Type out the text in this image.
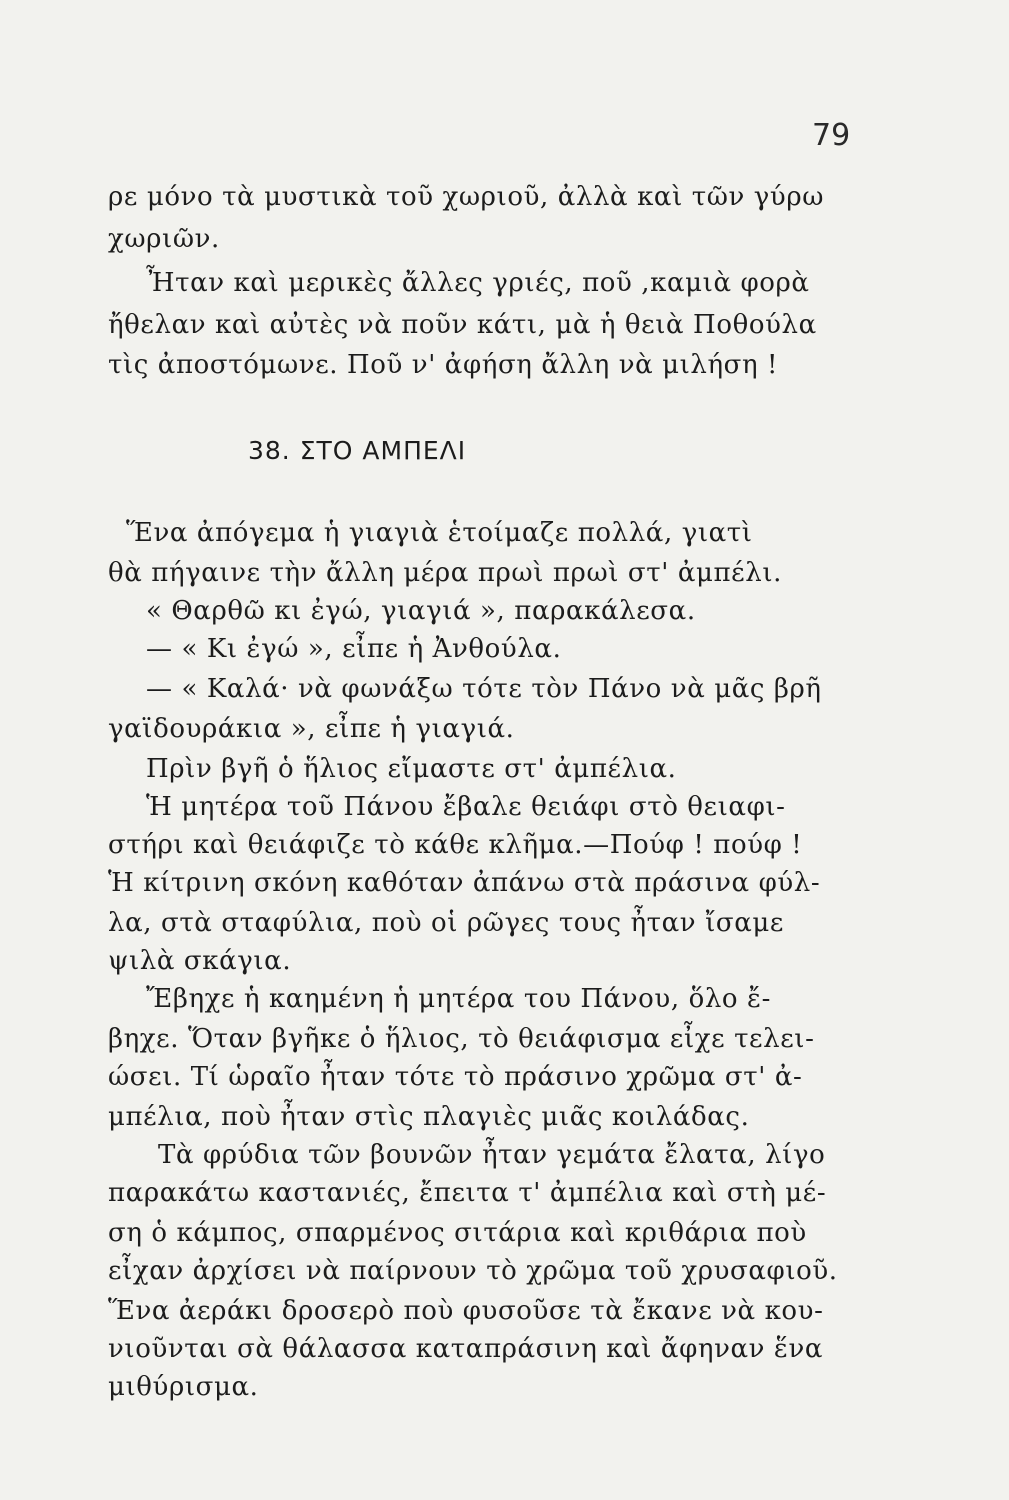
79
ρε μόνο τὰ μυστικὰ τοῦ χωριοῦ, ἀλλὰ καὶ τῶν γύρω
χωριῶν.
Ἦταν καὶ μερικὲς ἄλλες γριές, ποῦ ,καμιὰ φορὰ
ἤθελαν καὶ αὐτὲς νὰ ποῦν κάτι, μὰ ἡ θειὰ Ποθούλα
τὶς ἀποστόμωνε. Ποῦ ν' ἀφήση ἄλλη νὰ μιλήση !
38. ΣΤΟ ΑΜΠΕΛΙ
Ἕνα ἀπόγεμα ἡ γιαγιὰ ἑτοίμαζε πολλά, γιατὶ
θὰ πήγαινε τὴν ἄλλη μέρα πρωὶ πρωὶ στ' ἀμπέλι.
« Θαρθῶ κι ἐγώ, γιαγιά », παρακάλεσα.
— « Κι ἐγώ », εἶπε ἡ Ἀνθούλα.
— « Καλά· νὰ φωνάξω τότε τὸν Πάνο νὰ μᾶς βρῆ
γαϊδουράκια », εἶπε ἡ γιαγιά.
Πρὶν βγῆ ὁ ἥλιος εἴμαστε στ' ἀμπέλια.
Ἡ μητέρα τοῦ Πάνου ἔβαλε θειάφι στὸ θειαφι-
στήρι καὶ θειάφιζε τὸ κάθε κλῆμα.—Πούφ ! πούφ !
Ἡ κίτρινη σκόνη καθόταν ἀπάνω στὰ πράσινα φύλ-
λα, στὰ σταφύλια, ποὺ οἱ ρῶγες τους ἦταν ἴσαμε
ψιλὰ σκάγια.
Ἔβηχε ἡ καημένη ἡ μητέρα του Πάνου, ὅλο ἔ-
βηχε. Ὅταν βγῆκε ὁ ἥλιος, τὸ θειάφισμα εἶχε τελει-
ώσει. Τί ὡραῖο ἦταν τότε τὸ πράσινο χρῶμα στ' ἀ-
μπέλια, ποὺ ἦταν στὶς πλαγιὲς μιᾶς κοιλάδας.
Τὰ φρύδια τῶν βουνῶν ἦταν γεμάτα ἔλατα, λίγο
παρακάτω καστανιές, ἔπειτα τ' ἀμπέλια καὶ στὴ μέ-
ση ὁ κάμπος, σπαρμένος σιτάρια καὶ κριθάρια ποὺ
εἶχαν ἀρχίσει νὰ παίρνουν τὸ χρῶμα τοῦ χρυσαφιοῦ.
Ἕνα ἀεράκι δροσερὸ ποὺ φυσοῦσε τὰ ἔκανε νὰ κου-
νιοῦνται σὰ θάλασσα καταπράσινη καὶ ἄφηναν ἕνα
μιθύρισμα.
